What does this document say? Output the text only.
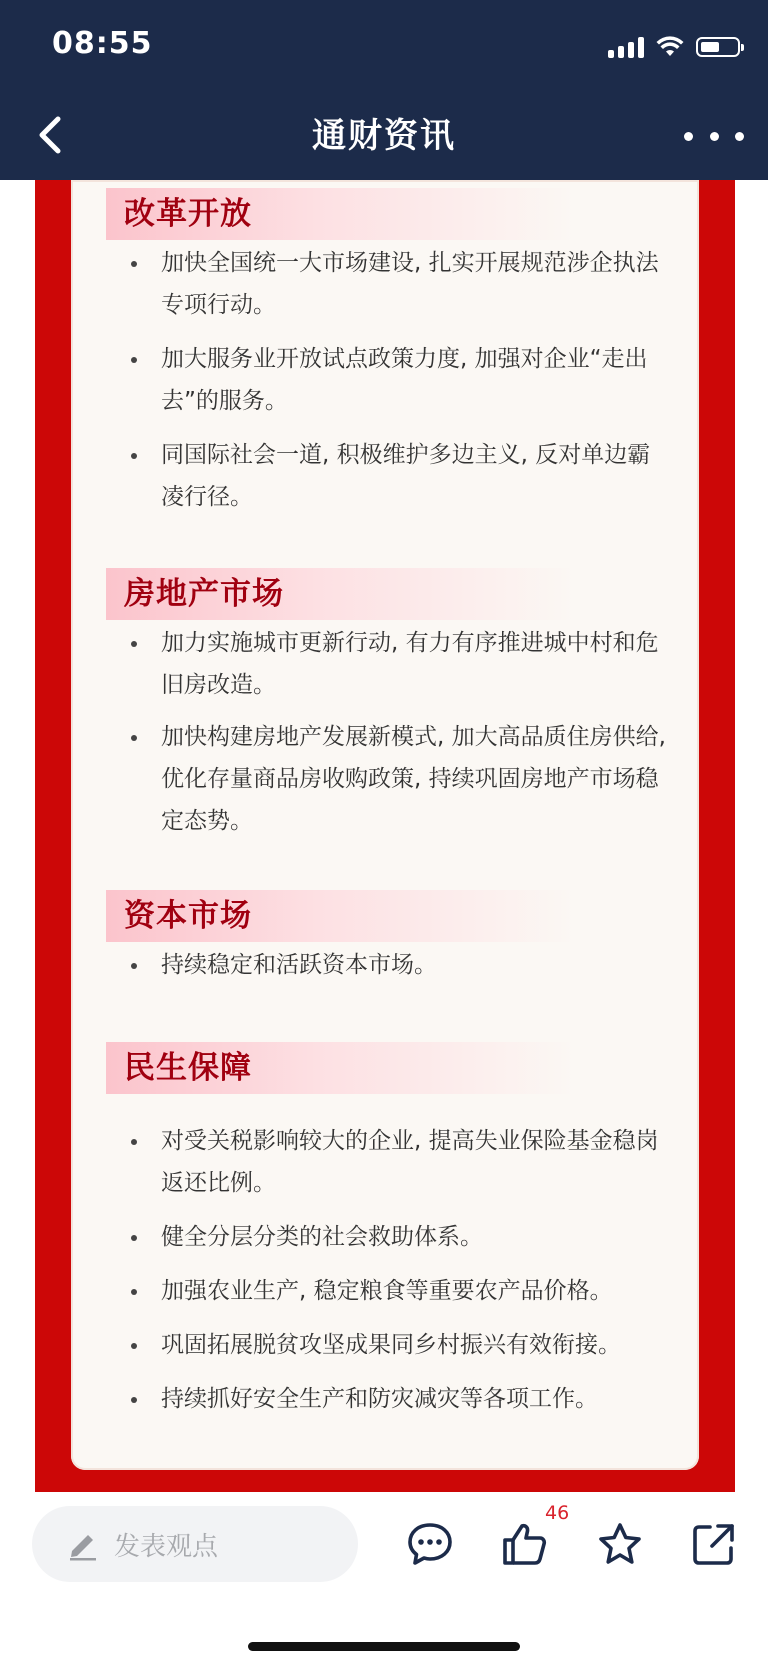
08:55
通财资讯
改革开放
加快全国统一大市场建设, 扎实开展规范涉企执法专项行动。
加大服务业开放试点政策力度, 加强对企业“走出去”的服务。
同国际社会一道, 积极维护多边主义, 反对单边霸凌行径。
房地产市场
加力实施城市更新行动, 有力有序推进城中村和危旧房改造。
加快构建房地产发展新模式, 加大高品质住房供给, 优化存量商品房收购政策, 持续巩固房地产市场稳定态势。
资本市场
持续稳定和活跃资本市场。
民生保障
对受关税影响较大的企业, 提高失业保险基金稳岗返还比例。
健全分层分类的社会救助体系。
加强农业生产, 稳定粮食等重要农产品价格。
巩固拓展脱贫攻坚成果同乡村振兴有效衔接。
持续抓好安全生产和防灾减灾等各项工作。
发表观点
46
